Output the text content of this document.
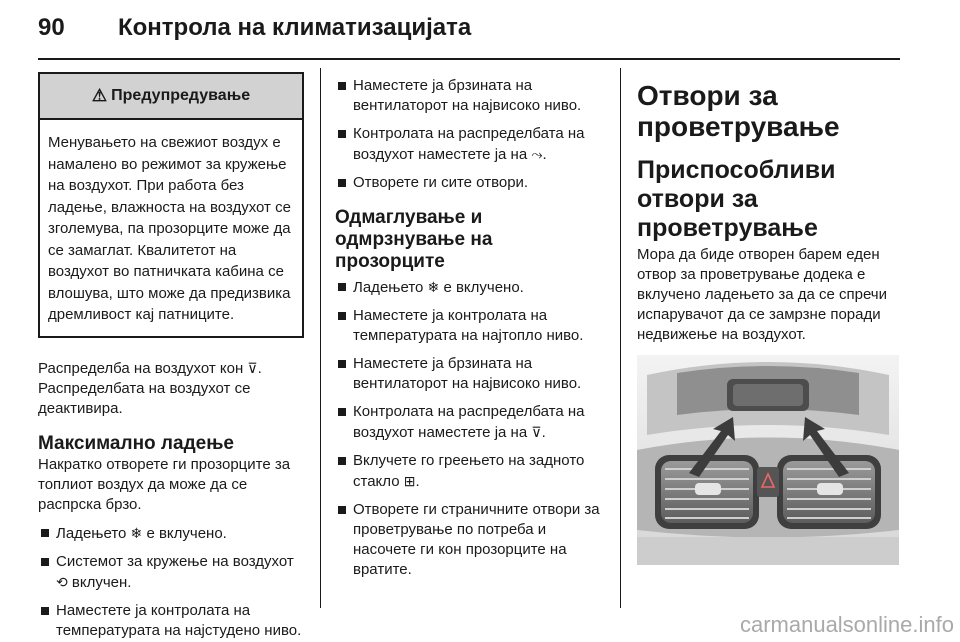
90 Контрола на климатизацијата
⚠ Предупредување
Менувањето на свежиот воздух е намалено во режимот за кружење на воздухот. При работа без ладење, влажноста на воздухот се зголемува, па прозорците може да се замаглат. Квалитетот на воздухот во патничката кабина се влошува, што може да предизвика дремливост кај патниците.

Распределба на воздухот кон ⊽. Распределбата на воздухот се деактивира.

Максимално ладење

Накратко отворете ги прозорците за топлиот воздух да може да се распрска брзо.

Ладењето ❄ е вклучено.
Системот за кружење на воздухот ⟲ вклучен.
Наместете ја контролата на температурата на најстудено ниво.
Наместете ја брзината на вентилаторот на највисоко ниво.
Контролата на распределбата на воздухот наместете ја на ⤳.
Отворете ги сите отвори.
Одмаглување и одмрзнување на прозорците
Ладењето ❄ е вклучено.
Наместете ја контролата на температурата на најтопло ниво.
Наместете ја брзината на вентилаторот на највисоко ниво.
Контролата на распределбата на воздухот наместете ја на ⊽.
Вклучете го греењето на задното стакло ⊞.
Отворете ги страничните отвори за проветрување по потреба и насочете ги кон прозорците на вратите.
Отвори за проветрување
Приспособливи отвори за проветрување

Мора да биде отворен барем еден отвор за проветрување додека е вклучено ладењето за да се спречи испарувачот да се замрзне поради недвижење на воздухот.

carmanualsonline.info
